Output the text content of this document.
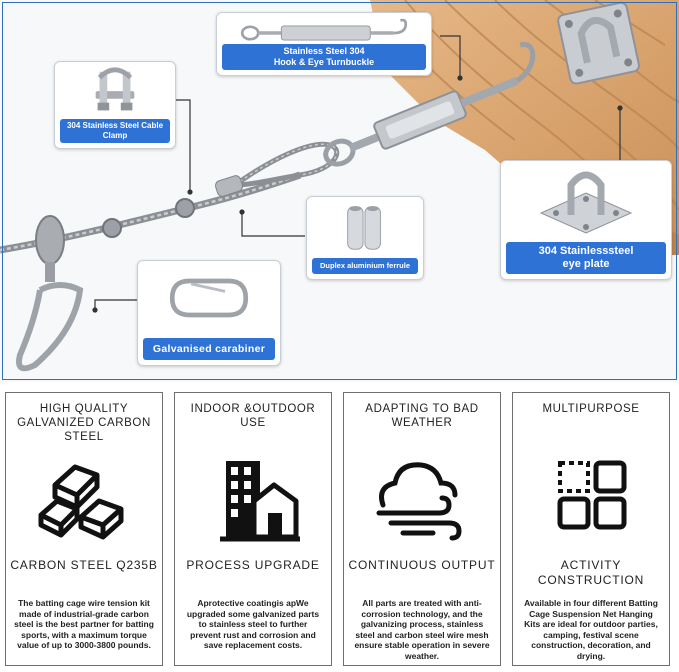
304 Stainless Steel Cable Clamp
Stainless Steel 304
Hook & Eye Turnbuckle
304 Stainlesssteel
eye plate
Duplex aluminium ferrule
Galvanised carabiner
HIGH QUALITY GALVANIZED CARBON STEEL
CARBON STEEL Q235B
The batting cage wire tension kit made of industrial-grade carbon steel is the best partner for batting sports, with a maximum torque value of up to 3000-3800 pounds.
INDOOR &OUTDOOR USE
PROCESS UPGRADE
Aprotective coatingis apWe upgraded some galvanized parts to stainless steel to further prevent rust and corrosion and save replacement costs.
ADAPTING TO BAD WEATHER
CONTINUOUS OUTPUT
All parts are treated with anti-corrosion technology, and the galvanizing process, stainless steel and carbon steel wire mesh ensure stable operation in severe weather.
MULTIPURPOSE
ACTIVITY CONSTRUCTION
Available in four different Batting Cage Suspension Net Hanging Kits are ideal for outdoor parties, camping, festival scene construction, decoration, and drying.
